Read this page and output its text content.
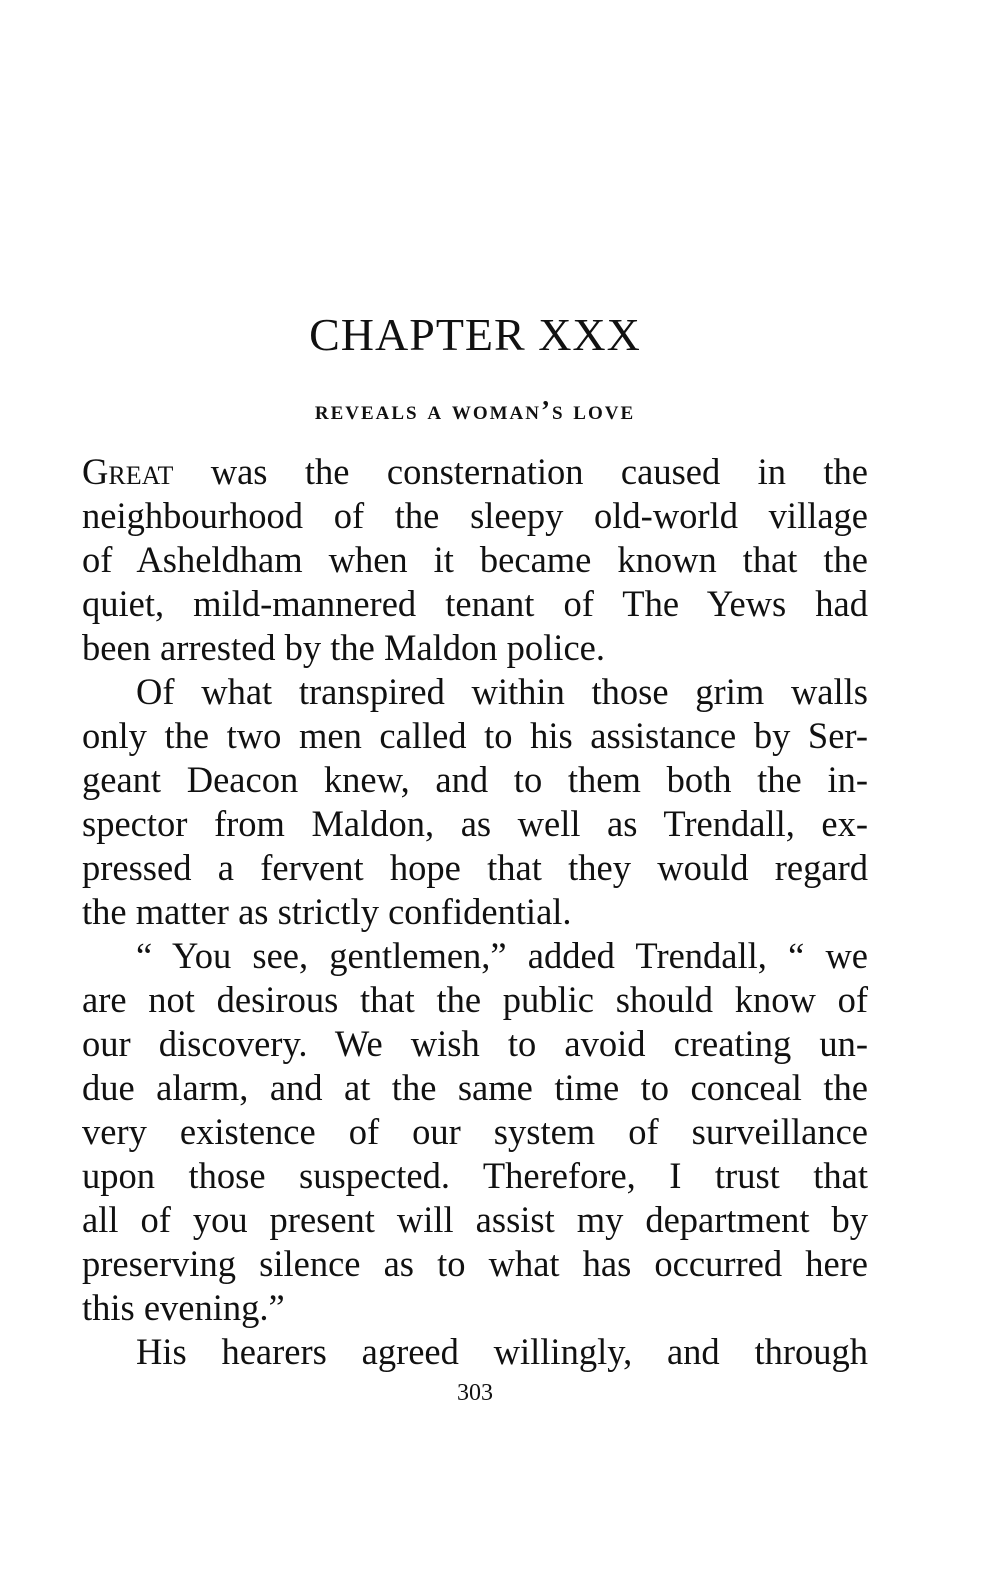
CHAPTER XXX
reveals a woman’s love

Great was the consternation caused in the

neighbourhood of the sleepy old-world village

of Asheldham when it became known that the

quiet, mild-mannered tenant of The Yews had

been arrested by the Maldon police.

Of what transpired within those grim walls

only the two men called to his assistance by Ser-

geant Deacon knew, and to them both the in-

spector from Maldon, as well as Trendall, ex-

pressed a fervent hope that they would regard

the matter as strictly confidential.

“ You see, gentlemen,” added Trendall, “ we

are not desirous that the public should know of

our discovery. We wish to avoid creating un-

due alarm, and at the same time to conceal the

very existence of our system of surveillance

upon those suspected. Therefore, I trust that

all of you present will assist my department by

preserving silence as to what has occurred here

this evening.”

His hearers agreed willingly, and through

303
